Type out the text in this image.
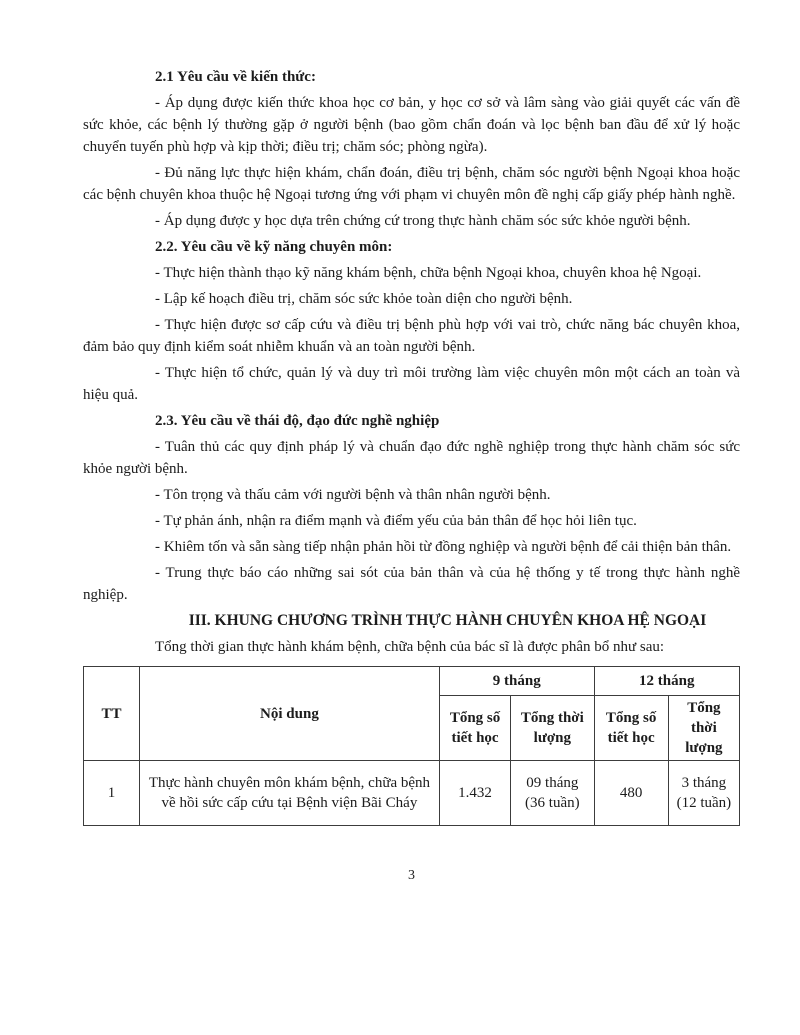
2.1 Yêu cầu về kiến thức:

- Áp dụng được kiến thức khoa học cơ bản, y học cơ sở và lâm sàng vào giải quyết các vấn đề sức khỏe, các bệnh lý thường gặp ở người bệnh (bao gồm chẩn đoán và lọc bệnh ban đầu để xử lý hoặc chuyển tuyến phù hợp và kịp thời; điều trị; chăm sóc; phòng ngừa).

- Đủ năng lực thực hiện khám, chẩn đoán, điều trị bệnh, chăm sóc người bệnh Ngoại khoa hoặc các bệnh chuyên khoa thuộc hệ Ngoại tương ứng với phạm vi chuyên môn đề nghị cấp giấy phép hành nghề.

- Áp dụng được y học dựa trên chứng cứ trong thực hành chăm sóc sức khỏe người bệnh.

2.2. Yêu cầu về kỹ năng chuyên môn:

- Thực hiện thành thạo kỹ năng khám bệnh, chữa bệnh Ngoại khoa, chuyên khoa hệ Ngoại.

- Lập kế hoạch điều trị, chăm sóc sức khỏe toàn diện cho người bệnh.

- Thực hiện được sơ cấp cứu và điều trị bệnh phù hợp với vai trò, chức năng bác chuyên khoa, đảm bảo quy định kiểm soát nhiễm khuẩn và an toàn người bệnh.

- Thực hiện tổ chức, quản lý và duy trì môi trường làm việc chuyên môn một cách an toàn và hiệu quả.

2.3. Yêu cầu về thái độ, đạo đức nghề nghiệp

- Tuân thủ các quy định pháp lý và chuẩn đạo đức nghề nghiệp trong thực hành chăm sóc sức khỏe người bệnh.

- Tôn trọng và thấu cảm với người bệnh và thân nhân người bệnh.

- Tự phản ánh, nhận ra điểm mạnh và điểm yếu của bản thân để học hỏi liên tục.

- Khiêm tốn và sẵn sàng tiếp nhận phản hồi từ đồng nghiệp và người bệnh để cải thiện bản thân.

- Trung thực báo cáo những sai sót của bản thân và của hệ thống y tế trong thực hành nghề nghiệp.

III. KHUNG CHƯƠNG TRÌNH THỰC HÀNH CHUYÊN KHOA HỆ NGOẠI

Tổng thời gian thực hành khám bệnh, chữa bệnh của bác sĩ là được phân bổ như sau:

TT	Nội dung	9 tháng		12 tháng	
		Tổng số tiết học	Tổng thời lượng	Tổng số tiết học	Tổng thời lượng
1	Thực hành chuyên môn khám bệnh, chữa bệnh về hồi sức cấp cứu tại Bệnh viện Bãi Cháy	1.432	09 tháng (36 tuần)	480	3 tháng (12 tuần)
3
